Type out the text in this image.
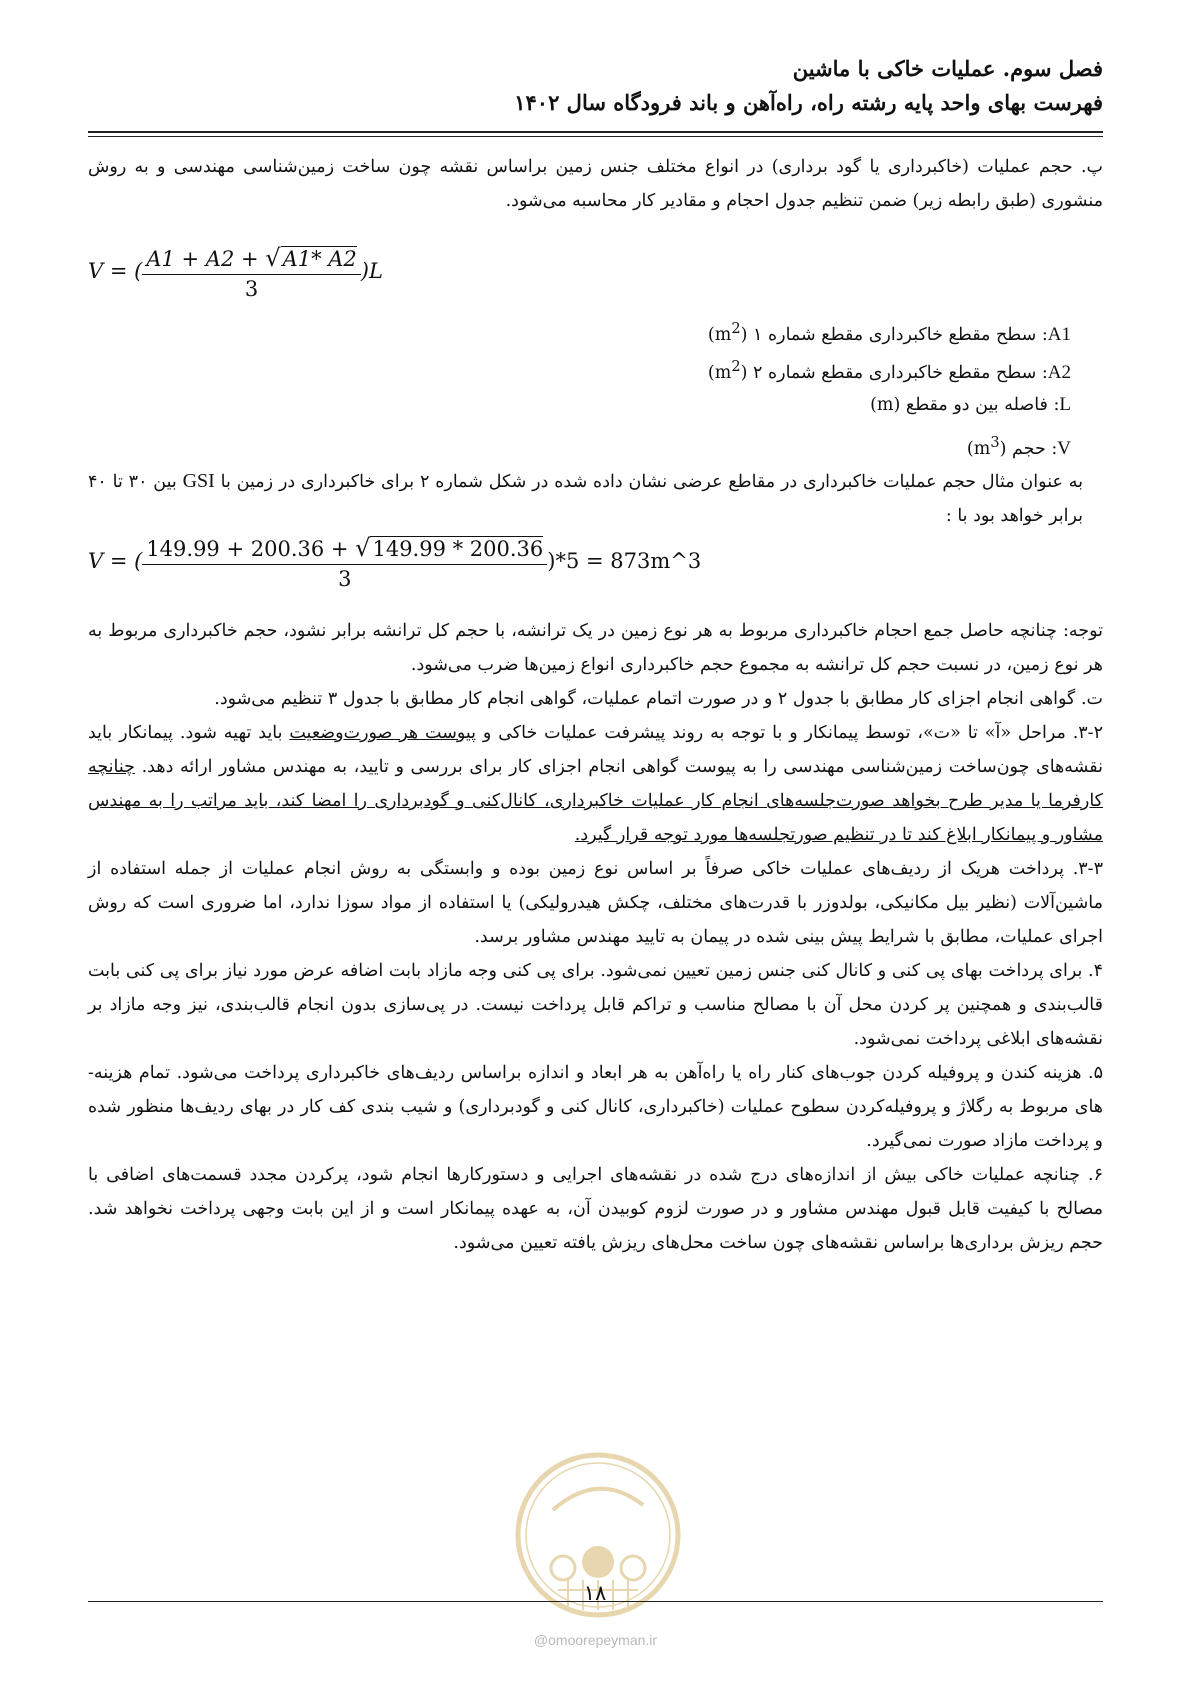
فصل سوم. عملیات خاکی با ماشین
فهرست بهای واحد پایه رشته راه، راه‌آهن و باند فرودگاه سال ۱۴۰۲
پ. حجم عملیات (خاکبرداری یا گود برداری) در انواع مختلف جنس زمین براساس نقشه چون ساخت زمین‌شناسی مهندسی و به روش منشوری (طبق رابطه زیر) ضمن تنظیم جدول احجام و مقادیر کار محاسبه می‌شود.
V = ( $\frac{A1 + A2 + √A1* A2}{3} )L$
A1: سطح مقطع خاکبرداری مقطع شماره ۱ $(m^2)$
A2: سطح مقطع خاکبرداری مقطع شماره ۲ $(m^2)$
L: فاصله بین دو مقطع (m)
V: حجم $(m^3)$
به عنوان مثال حجم عملیات خاکبرداری در مقاطع عرضی نشان داده شده در شکل شماره ۲ برای خاکبرداری در زمین با GSI بین ۳۰ تا ۴۰ برابر خواهد بود با :
V = ( $\frac{149.99 + 200.36 + √149.99 * 200.36}{3} )*5$ = 873m^3
توجه: چنانچه حاصل جمع احجام خاکبرداری مربوط به هر نوع زمین در یک ترانشه، با حجم کل ترانشه برابر نشود، حجم خاکبرداری مربوط به هر نوع زمین، در نسبت حجم کل ترانشه به مجموع حجم خاکبرداری انواع زمین‌ها ضرب می‌شود.
ت. گواهی انجام اجزای کار مطابق با جدول ۲ و در صورت اتمام عملیات، گواهی انجام کار مطابق با جدول ۳ تنظیم می‌شود.
۳-۲. مراحل «آ» تا «ت»، توسط پیمانکار و با توجه به روند پیشرفت عملیات خاکی و پیوست هر صورت‌وضعیت باید تهیه شود. پیمانکار باید نقشه‌های چون‌ساخت زمین‌شناسی مهندسی را به پیوست گواهی انجام اجزای کار برای بررسی و تایید، به مهندس مشاور ارائه دهد. چنانچه کارفرما یا مدیر طرح بخواهد صورت‌جلسه‌های انجام کار عملیات خاکبرداری، کانال‌کنی و گودبرداری را امضا کند، باید مراتب را به مهندس مشاور و پیمانکار ابلاغ کند تا در تنظیم صورتجلسه‌ها مورد توجه قرار گیرد.
۳-۳. پرداخت هریک از ردیف‌های عملیات خاکی صرفاً بر اساس نوع زمین بوده و وابستگی به روش انجام عملیات از جمله استفاده از ماشین‌آلات (نظیر بیل مکانیکی، بولدوزر با قدرت‌های مختلف، چکش هیدرولیکی) یا استفاده از مواد سوزا ندارد، اما ضروری است که روش اجرای عملیات، مطابق با شرایط پیش بینی شده در پیمان به تایید مهندس مشاور برسد.
۴. برای پرداخت بهای پی کنی و کانال کنی جنس زمین تعیین نمی‌شود. برای پی کنی وجه مازاد بابت اضافه عرض مورد نیاز برای پی کنی بابت قالب‌بندی و همچنین پر کردن محل آن با مصالح مناسب و تراکم قابل پرداخت نیست. در پی‌سازی بدون انجام قالب‌بندی، نیز وجه مازاد بر نقشه‌های ابلاغی پرداخت نمی‌شود.
۵. هزینه کندن و پروفیله کردن جوب‌های کنار راه یا راه‌آهن به هر ابعاد و اندازه براساس ردیف‌های خاکبرداری پرداخت می‌شود. تمام هزینه-های مربوط به رگلاژ و پروفیله‌کردن سطوح عملیات (خاکبرداری، کانال کنی و گودبرداری) و شیب بندی کف کار در بهای ردیف‌ها منظور شده و پرداخت مازاد صورت نمی‌گیرد.
۶. چنانچه عملیات خاکی بیش از اندازه‌های درج شده در نقشه‌های اجرایی و دستورکارها انجام شود، پرکردن مجدد قسمت‌های اضافی با مصالح با کیفیت قابل قبول مهندس مشاور و در صورت لزوم کوبیدن آن، به عهده پیمانکار است و از این بابت وجهی پرداخت نخواهد شد. حجم ریزش برداری‌ها براساس نقشه‌های چون ساخت محل‌های ریزش یافته تعیین می‌شود.
۱۸
@omoorepeyman.ir
